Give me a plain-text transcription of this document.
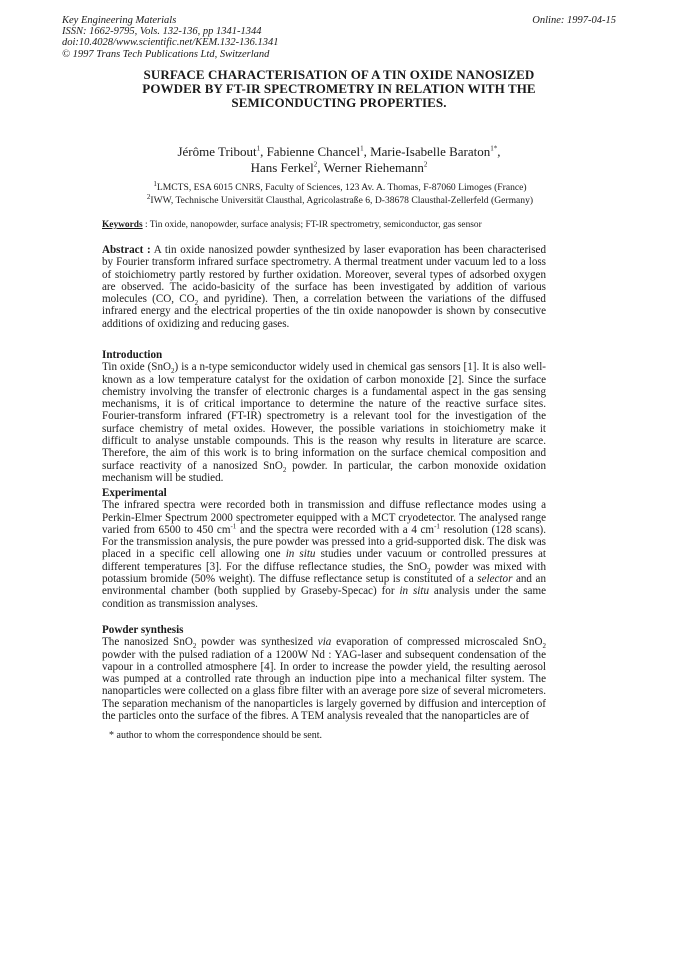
Key Engineering Materials
ISSN: 1662-9795, Vols. 132-136, pp 1341-1344
doi:10.4028/www.scientific.net/KEM.132-136.1341
© 1997 Trans Tech Publications Ltd, Switzerland
Online: 1997-04-15
SURFACE CHARACTERISATION OF A TIN OXIDE NANOSIZED
POWDER BY FT-IR SPECTROMETRY IN RELATION WITH THE
SEMICONDUCTING PROPERTIES.
Jérôme Tribout$^1$, Fabienne Chancel$^1$, Marie-Isabelle Baraton$^{1*}$,
Hans Ferkel$^2$, Werner Riehemann$^2$
$^1$LMCTS, ESA 6015 CNRS, Faculty of Sciences, 123 Av. A. Thomas, F-87060 Limoges (France)
$^2$IWW, Technische Universität Clausthal, Agricolastraße 6, D-38678 Clausthal-Zellerfeld (Germany)
Keywords : Tin oxide, nanopowder, surface analysis; FT-IR spectrometry, semiconductor, gas sensor
Abstract : A tin oxide nanosized powder synthesized by laser evaporation has been characterised by Fourier transform infrared surface spectrometry. A thermal treatment under vacuum led to a loss of stoichiometry partly restored by further oxidation. Moreover, several types of adsorbed oxygen are observed. The acido-basicity of the surface has been investigated by addition of various molecules (CO, $CO_2$ and pyridine). Then, a correlation between the variations of the diffused infrared energy and the electrical properties of the tin oxide nanopowder is shown by consecutive additions of oxidizing and reducing gases.
Introduction
Tin oxide (SnO$_2$) is a n-type semiconductor widely used in chemical gas sensors [1]. It is also well-known as a low temperature catalyst for the oxidation of carbon monoxide [2]. Since the surface chemistry involving the transfer of electronic charges is a fundamental aspect in the gas sensing mechanisms, it is of critical importance to determine the nature of the reactive surface sites. Fourier-transform infrared (FT-IR) spectrometry is a relevant tool for the investigation of the surface chemistry of metal oxides. However, the possible variations in stoichiometry make it difficult to analyse unstable compounds. This is the reason why results in literature are scarce. Therefore, the aim of this work is to bring information on the surface chemical composition and surface reactivity of a nanosized SnO$_2$ powder. In particular, the carbon monoxide oxidation mechanism will be studied.
Experimental
The infrared spectra were recorded both in transmission and diffuse reflectance modes using a Perkin-Elmer Spectrum 2000 spectrometer equipped with a MCT cryodetector. The analysed range varied from 6500 to 450 $cm^{-1}$ and the spectra were recorded with a 4 $cm^{-1}$ resolution (128 scans). For the transmission analysis, the pure powder was pressed into a grid-supported disk. The disk was placed in a specific cell allowing one in situ studies under vacuum or controlled pressures at different temperatures [3]. For the diffuse reflectance studies, the SnO$_2$ powder was mixed with potassium bromide (50% weight). The diffuse reflectance setup is constituted of a selector and an environmental chamber (both supplied by Graseby-Specac) for in situ analysis under the same condition as transmission analyses.
Powder synthesis
The nanosized SnO$_2$ powder was synthesized via evaporation of compressed microscaled SnO$_2$ powder with the pulsed radiation of a 1200W Nd : YAG-laser and subsequent condensation of the vapour in a controlled atmosphere [4]. In order to increase the powder yield, the resulting aerosol was pumped at a controlled rate through an induction pipe into a mechanical filter system. The nanoparticles were collected on a glass fibre filter with an average pore size of several micrometers. The separation mechanism of the nanoparticles is largely governed by diffusion and interception of the particles onto the surface of the fibres. A TEM analysis revealed that the nanoparticles are of
* author to whom the correspondence should be sent.
